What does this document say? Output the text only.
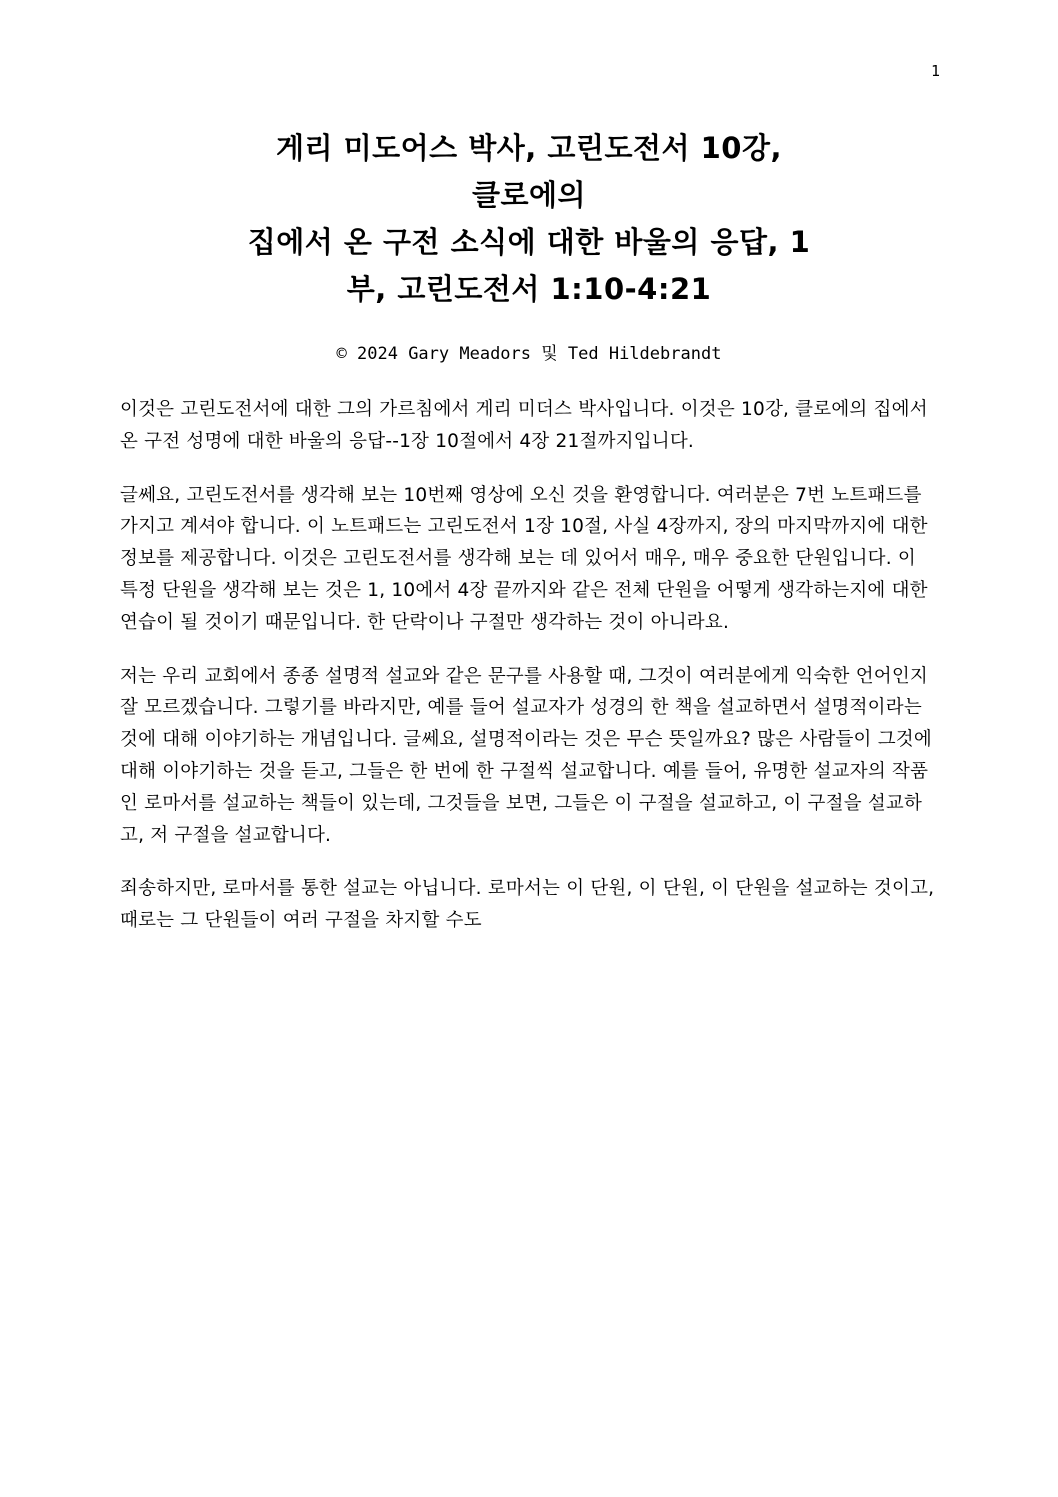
1
게리 미도어스 박사, 고린도전서 10강,
클로에의
집에서 온 구전 소식에 대한 바울의 응답, 1
부, 고린도전서 1:10-4:21

© 2024 Gary Meadors 및 Ted Hildebrandt

이것은 고린도전서에 대한 그의 가르침에서 게리 미더스 박사입니다. 이것은 10강, 클로에의 집에서 온 구전 성명에 대한 바울의 응답--1장 10절에서 4장 21절까지입니다.

글쎄요, 고린도전서를 생각해 보는 10번째 영상에 오신 것을 환영합니다. 여러분은 7번 노트패드를 가지고 계셔야 합니다. 이 노트패드는 고린도전서 1장 10절, 사실 4장까지, 장의 마지막까지에 대한 정보를 제공합니다. 이것은 고린도전서를 생각해 보는 데 있어서 매우, 매우 중요한 단원입니다. 이 특정 단원을 생각해 보는 것은 1, 10에서 4장 끝까지와 같은 전체 단원을 어떻게 생각하는지에 대한 연습이 될 것이기 때문입니다. 한 단락이나 구절만 생각하는 것이 아니라요.

저는 우리 교회에서 종종 설명적 설교와 같은 문구를 사용할 때, 그것이 여러분에게 익숙한 언어인지 잘 모르겠습니다. 그렇기를 바라지만, 예를 들어 설교자가 성경의 한 책을 설교하면서 설명적이라는 것에 대해 이야기하는 개념입니다. 글쎄요, 설명적이라는 것은 무슨 뜻일까요? 많은 사람들이 그것에 대해 이야기하는 것을 듣고, 그들은 한 번에 한 구절씩 설교합니다. 예를 들어, 유명한 설교자의 작품인 로마서를 설교하는 책들이 있는데, 그것들을 보면, 그들은 이 구절을 설교하고, 이 구절을 설교하고, 저 구절을 설교합니다.

죄송하지만, 로마서를 통한 설교는 아닙니다. 로마서는 이 단원, 이 단원, 이 단원을 설교하는 것이고, 때로는 그 단원들이 여러 구절을 차지할 수도
